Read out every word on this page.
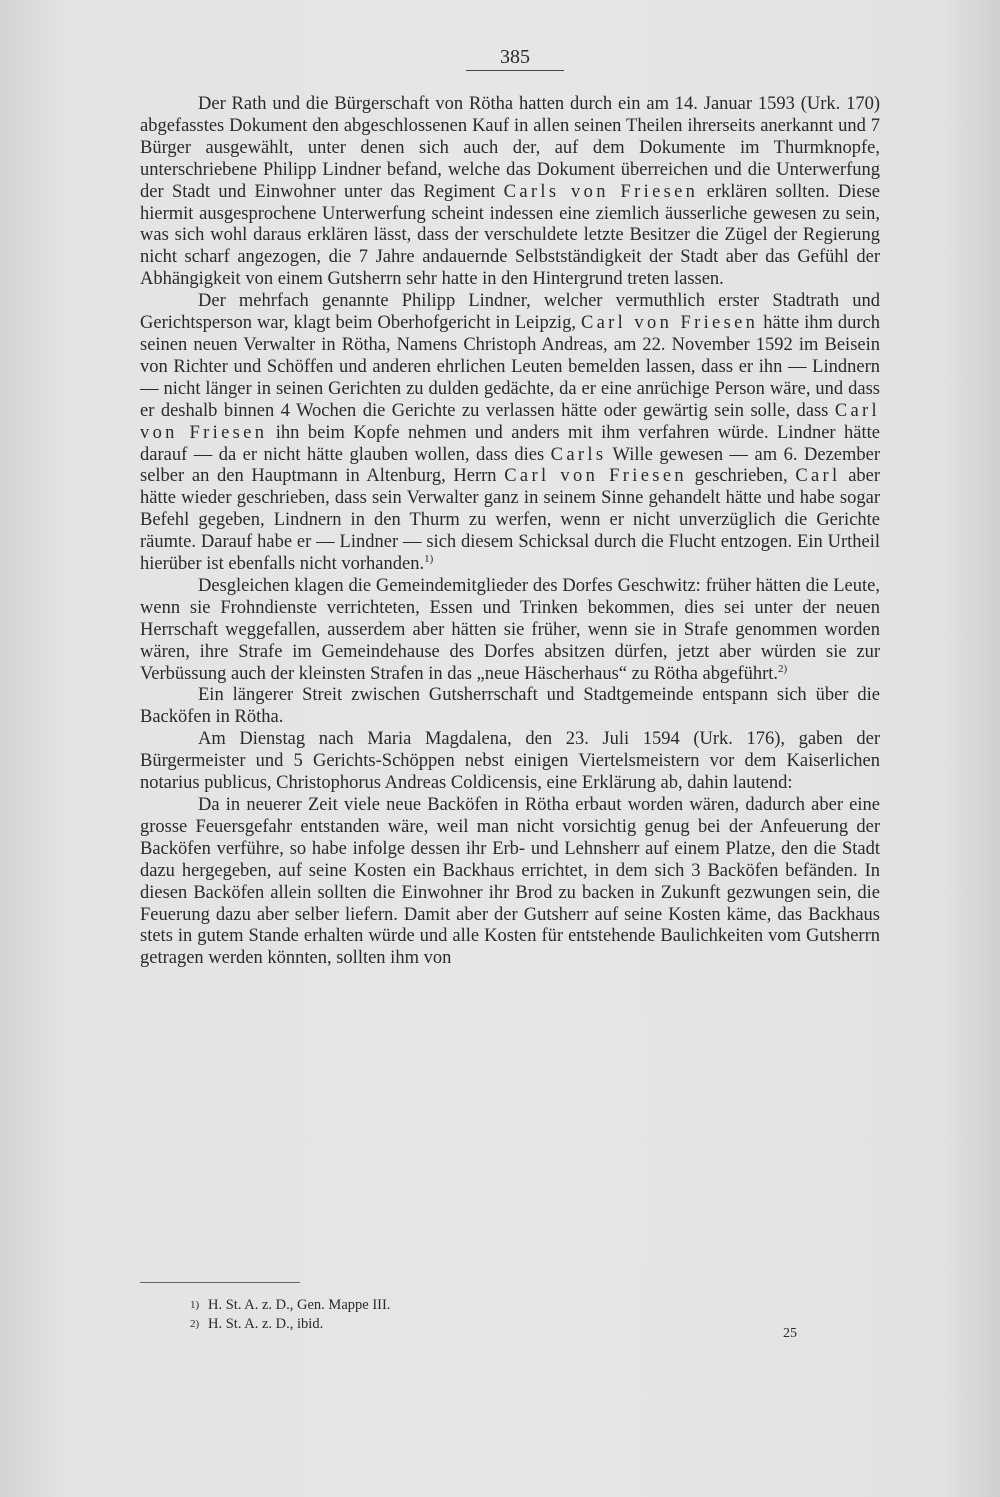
385

Der Rath und die Bürgerschaft von Rötha hatten durch ein am 14. Januar 1593 (Urk. 170) abgefasstes Dokument den abgeschlossenen Kauf in allen seinen Theilen ihrerseits anerkannt und 7 Bürger ausgewählt, unter denen sich auch der, auf dem Dokumente im Thurmknopfe, unterschriebene Philipp Lindner befand, welche das Dokument überreichen und die Unterwerfung der Stadt und Einwohner unter das Regiment Carls von Friesen erklären sollten. Diese hiermit ausgesprochene Unterwerfung scheint indessen eine ziemlich äusserliche gewesen zu sein, was sich wohl daraus erklären lässt, dass der verschuldete letzte Besitzer die Zügel der Regierung nicht scharf angezogen, die 7 Jahre andauernde Selbstständigkeit der Stadt aber das Gefühl der Abhängigkeit von einem Gutsherrn sehr hatte in den Hintergrund treten lassen.

Der mehrfach genannte Philipp Lindner, welcher vermuthlich erster Stadtrath und Gerichtsperson war, klagt beim Oberhofgericht in Leipzig, Carl von Friesen hätte ihm durch seinen neuen Verwalter in Rötha, Namens Christoph Andreas, am 22. November 1592 im Beisein von Richter und Schöffen und anderen ehrlichen Leuten bemelden lassen, dass er ihn — Lindnern — nicht länger in seinen Gerichten zu dulden gedächte, da er eine anrüchige Person wäre, und dass er deshalb binnen 4 Wochen die Gerichte zu verlassen hätte oder gewärtig sein solle, dass Carl von Friesen ihn beim Kopfe nehmen und anders mit ihm verfahren würde. Lindner hätte darauf — da er nicht hätte glauben wollen, dass dies Carls Wille gewesen — am 6. Dezember selber an den Hauptmann in Altenburg, Herrn Carl von Friesen geschrieben, Carl aber hätte wieder geschrieben, dass sein Verwalter ganz in seinem Sinne gehandelt hätte und habe sogar Befehl gegeben, Lindnern in den Thurm zu werfen, wenn er nicht unverzüglich die Gerichte räumte. Darauf habe er — Lindner — sich diesem Schicksal durch die Flucht entzogen. Ein Urtheil hierüber ist ebenfalls nicht vorhanden.$^{1)}$

Desgleichen klagen die Gemeindemitglieder des Dorfes Geschwitz: früher hätten die Leute, wenn sie Frohndienste verrichteten, Essen und Trinken bekommen, dies sei unter der neuen Herrschaft weggefallen, ausserdem aber hätten sie früher, wenn sie in Strafe genommen worden wären, ihre Strafe im Gemeindehause des Dorfes absitzen dürfen, jetzt aber würden sie zur Verbüssung auch der kleinsten Strafen in das „neue Häscherhaus“ zu Rötha abgeführt.$^{2)}$

Ein längerer Streit zwischen Gutsherrschaft und Stadtgemeinde entspann sich über die Backöfen in Rötha.

Am Dienstag nach Maria Magdalena, den 23. Juli 1594 (Urk. 176), gaben der Bürgermeister und 5 Gerichts-Schöppen nebst einigen Viertelsmeistern vor dem Kaiserlichen notarius publicus, Christophorus Andreas Coldicensis, eine Erklärung ab, dahin lautend:

Da in neuerer Zeit viele neue Backöfen in Rötha erbaut worden wären, dadurch aber eine grosse Feuersgefahr entstanden wäre, weil man nicht vorsichtig genug bei der Anfeuerung der Backöfen verführe, so habe infolge dessen ihr Erb- und Lehnsherr auf einem Platze, den die Stadt dazu hergegeben, auf seine Kosten ein Backhaus errichtet, in dem sich 3 Backöfen befänden. In diesen Backöfen allein sollten die Einwohner ihr Brod zu backen in Zukunft gezwungen sein, die Feuerung dazu aber selber liefern. Damit aber der Gutsherr auf seine Kosten käme, das Backhaus stets in gutem Stande erhalten würde und alle Kosten für entstehende Baulichkeiten vom Gutsherrn getragen werden könnten, sollten ihm von

1) H. St. A. z. D., Gen. Mappe III.

2) H. St. A. z. D., ibid.

25
